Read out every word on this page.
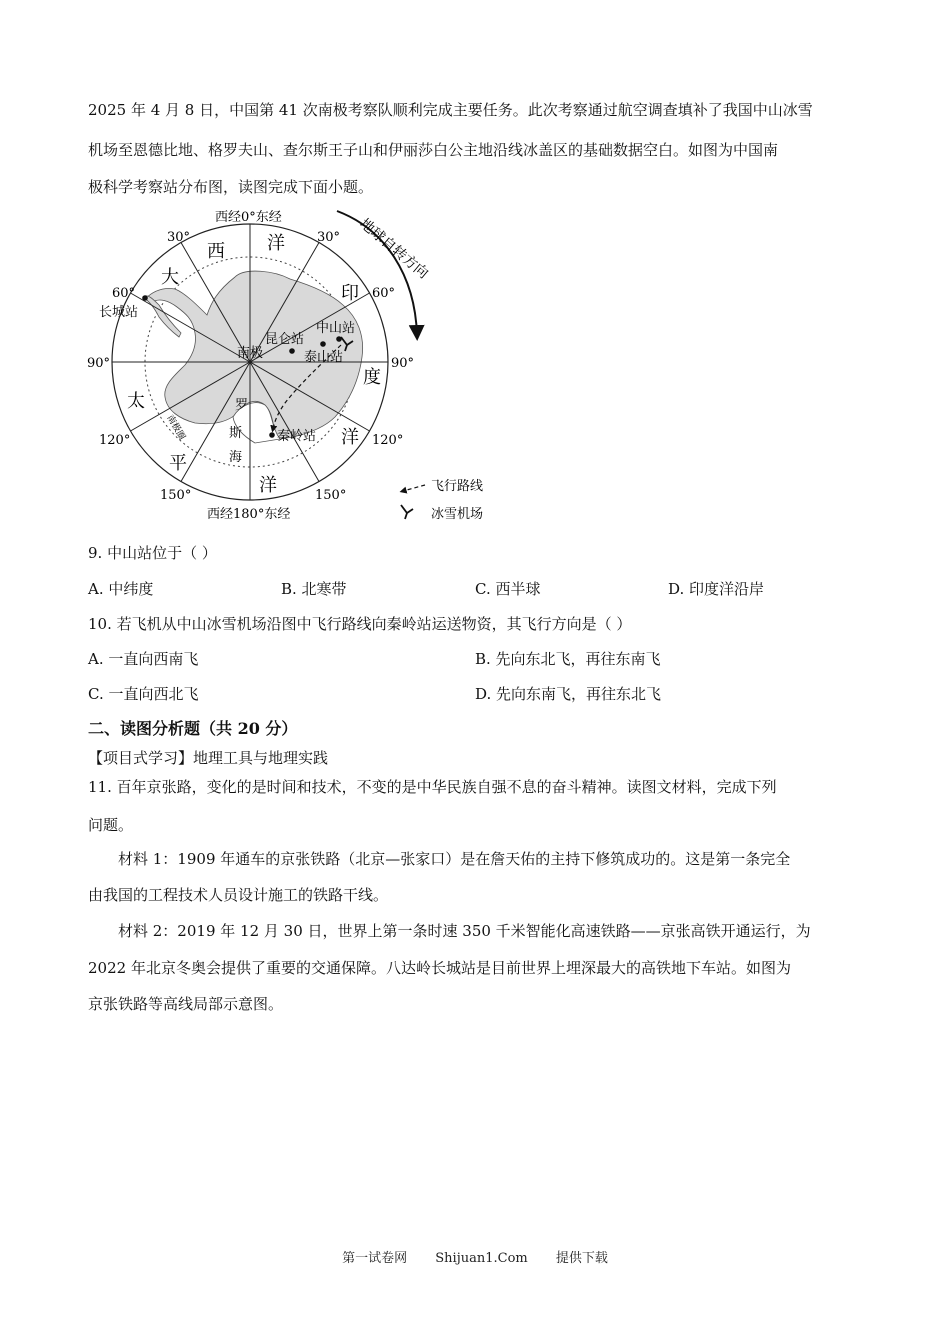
2025 年 4 月 8 日，中国第 41 次南极考察队顺利完成主要任务。此次考察通过航空调查填补了我国中山冰雪

机场至恩德比地、格罗夫山、查尔斯王子山和伊丽莎白公主地沿线冰盖区的基础数据空白。如图为中国南

极科学考察站分布图，读图完成下面小题。

西经0°东经
西经180°东经
30°	30°
60°	60°
90°	90°
120°	120°
150°	150°
西 洋
印
度
洋
大
太
平
洋
罗
斯
海
南极圈
长城站
南极
昆仑站
泰山站
中山站
秦岭站
地球自转方向
飞行路线
冰雪机场

9. 中山站位于（ ）

A. 中纬度	B. 北寒带	C. 西半球	D. 印度洋沿岸

10. 若飞机从中山冰雪机场沿图中飞行路线向秦岭站运送物资，其飞行方向是（ ）

A. 一直向西南飞	B. 先向东北飞，再往东南飞
C. 一直向西北飞	D. 先向东南飞，再往东北飞
二、读图分析题（共 20 分）

【项目式学习】地理工具与地理实践

11. 百年京张路，变化的是时间和技术，不变的是中华民族自强不息的奋斗精神。读图文材料，完成下列

问题。

材料 1：1909 年通车的京张铁路（北京—张家口）是在詹天佑的主持下修筑成功的。这是第一条完全

由我国的工程技术人员设计施工的铁路干线。

材料 2：2019 年 12 月 30 日，世界上第一条时速 350 千米智能化高速铁路——京张高铁开通运行，为

2022 年北京冬奥会提供了重要的交通保障。八达岭长城站是目前世界上埋深最大的高铁地下车站。如图为

京张铁路等高线局部示意图。

第一试卷网 Shijuan1.Com 提供下载
